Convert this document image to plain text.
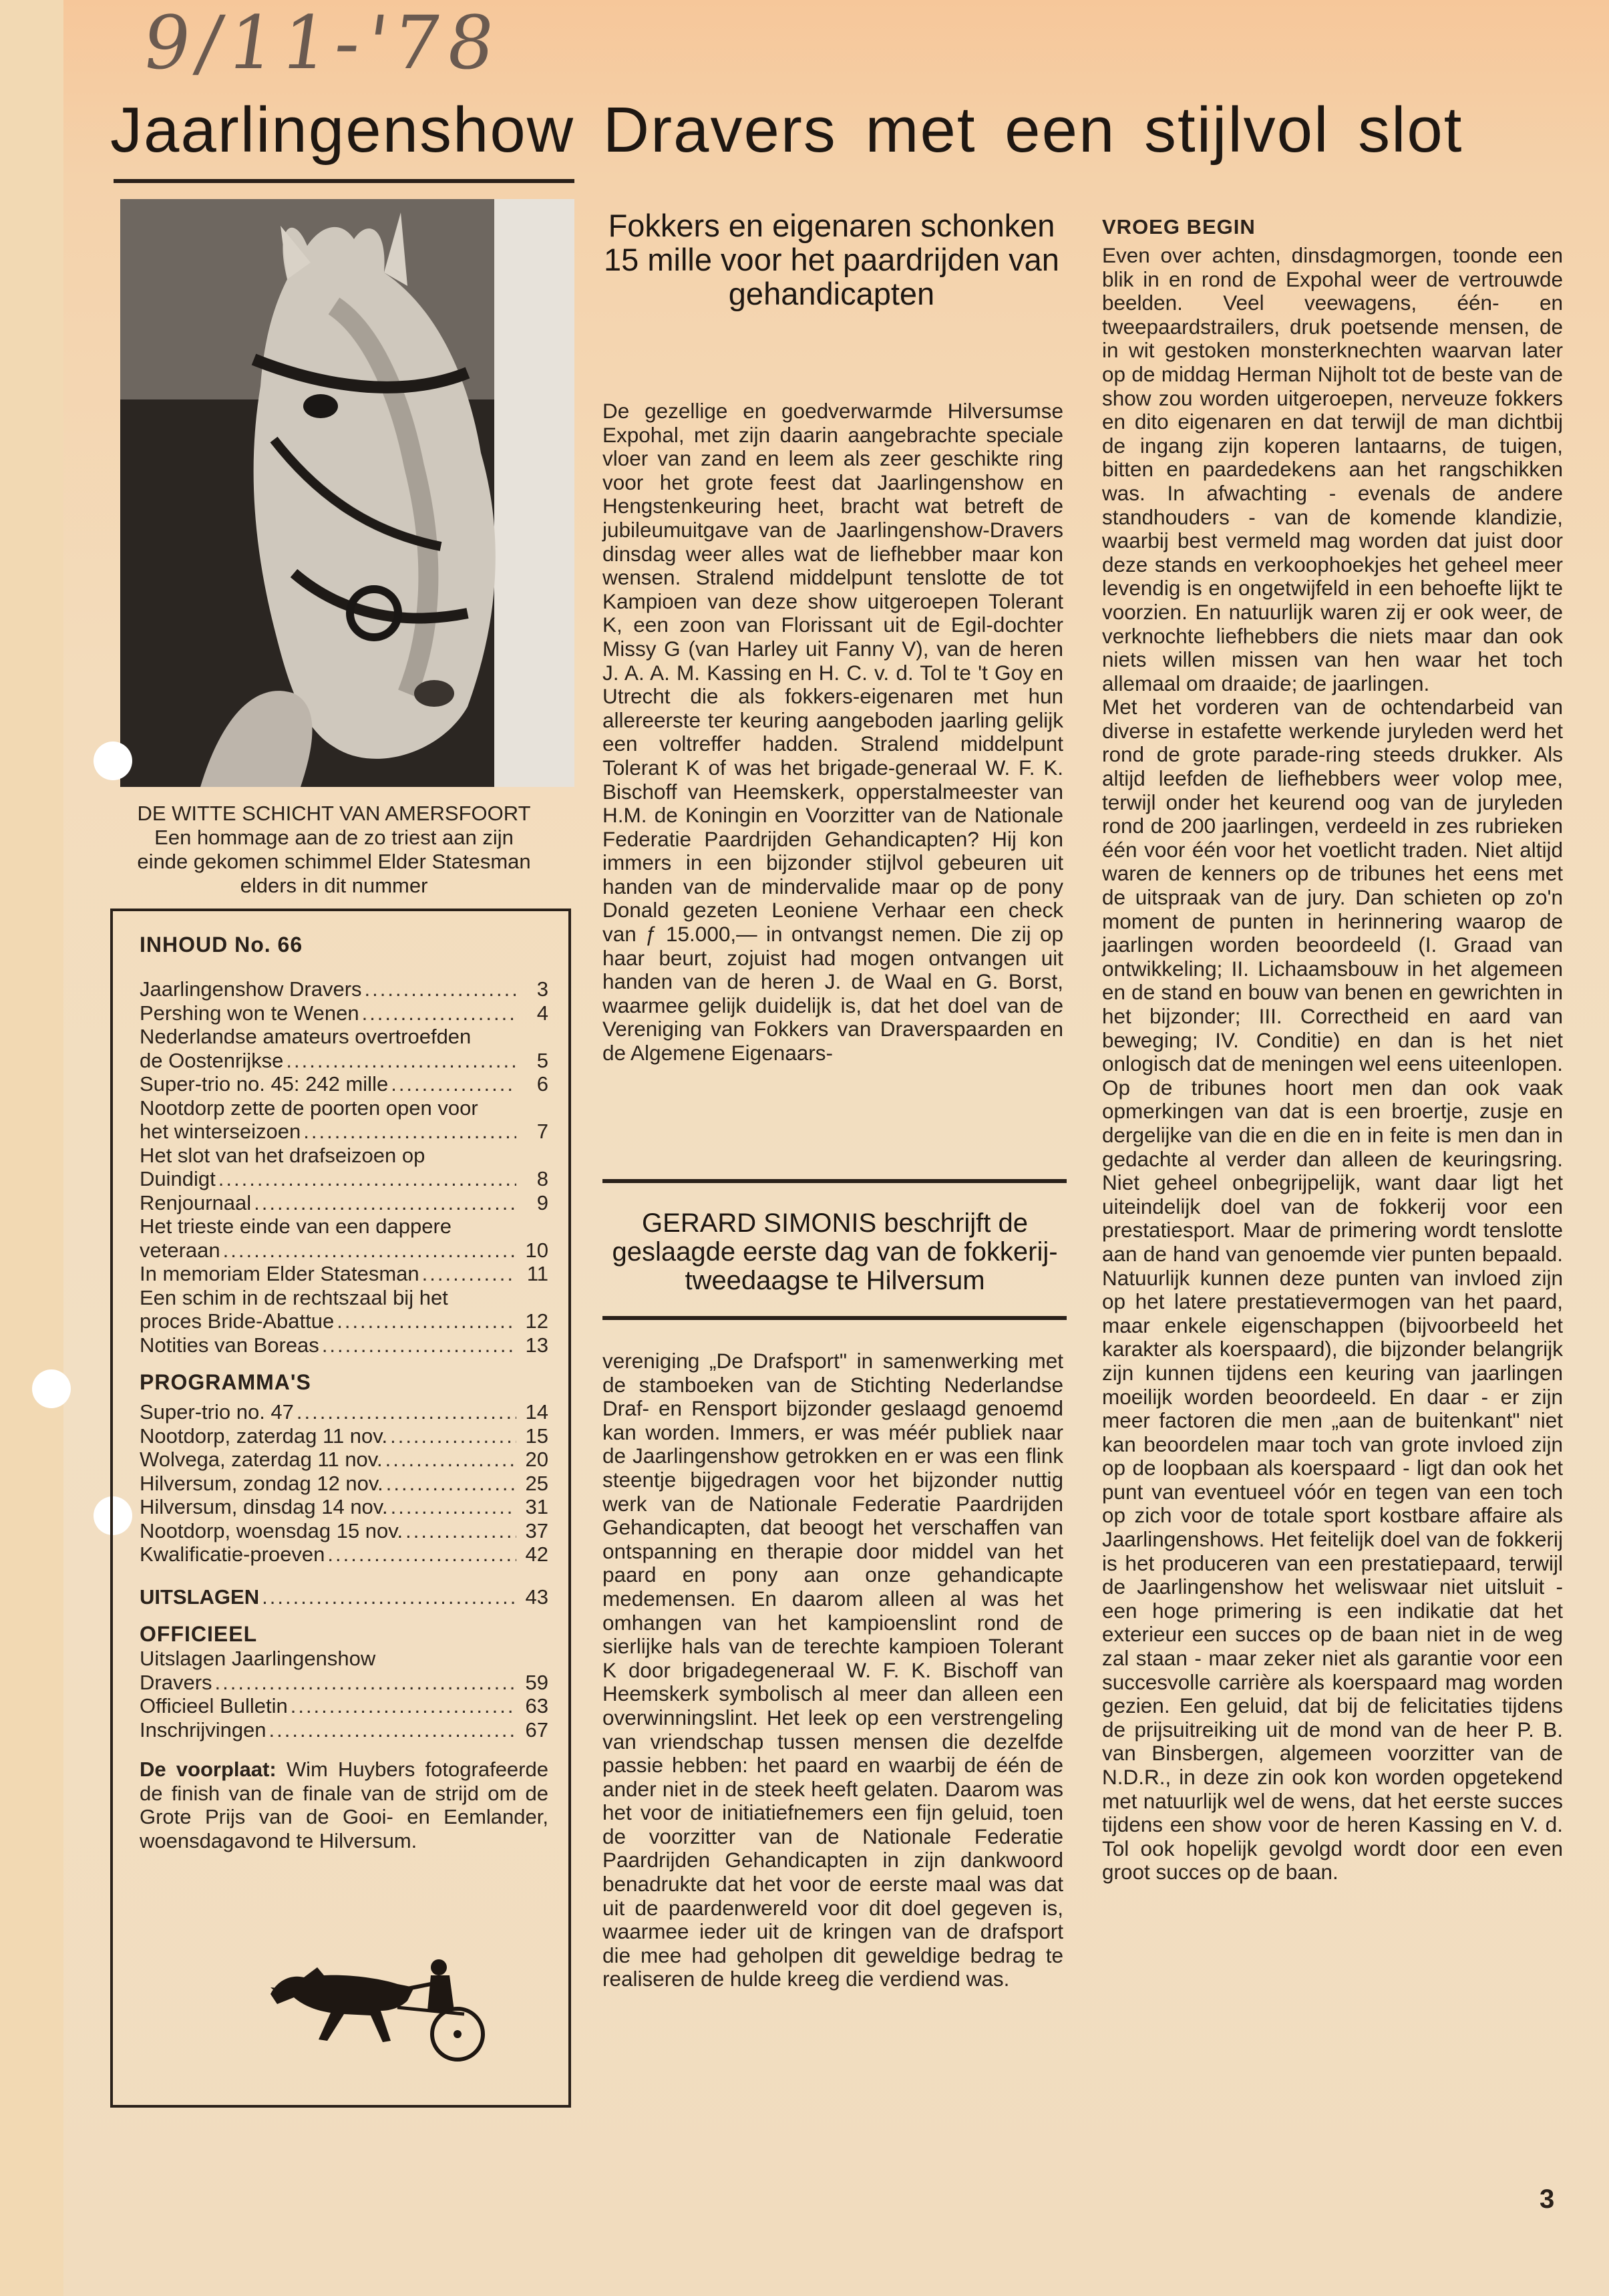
9/11-'78
Jaarlingenshow Dravers met een stijlvol slot
DE WITTE SCHICHT VAN AMERSFOORT
Een hommage aan de zo triest aan zijn
einde gekomen schimmel Elder Statesman
elders in dit nummer
INHOUD No. 66
Jaarlingenshow Dravers .....	3
Pershing won te Wenen .....	4
Nederlandse amateurs overtroefden
de Oostenrijkse .....	5
Super-trio no. 45: 242 mille .....	6
Nootdorp zette de poorten open voor
het winterseizoen .....	7
Het slot van het drafseizoen op
Duindigt .....	8
Renjournaal .....	9
Het trieste einde van een dappere
veteraan .....	10
In memoriam Elder Statesman .....	11
Een schim in de rechtszaal bij het
proces Bride-Abattue .....	12
Notities van Boreas .....	13
PROGRAMMA'S
Super-trio no. 47 .....	14
Nootdorp, zaterdag 11 nov. .....	15
Wolvega, zaterdag 11 nov. .....	20
Hilversum, zondag 12 nov. .....	25
Hilversum, dinsdag 14 nov. .....	31
Nootdorp, woensdag 15 nov. .....	37
Kwalificatie-proeven .....	42
UITSLAGEN .....	43
OFFICIEEL
Uitslagen Jaarlingenshow
Dravers .....	59
Officieel Bulletin .....	63
Inschrijvingen .....	67
De voorplaat: Wim Huybers fotografeerde de finish van de finale van de strijd om de Grote Prijs van de Gooi- en Eemlander, woensdagavond te Hilversum.
Fokkers en eigenaren schonken 15 mille voor het paardrijden van gehandicapten
De gezellige en goedverwarmde Hilversumse Expohal, met zijn daarin aangebrachte speciale vloer van zand en leem als zeer geschikte ring voor het grote feest dat Jaarlingenshow en Hengstenkeuring heet, bracht wat betreft de jubileumuitgave van de Jaarlingenshow-Dravers dinsdag weer alles wat de liefhebber maar kon wensen. Stralend middelpunt tenslotte de tot Kampioen van deze show uitgeroepen Tolerant K, een zoon van Florissant uit de Egil-dochter Missy G (van Harley uit Fanny V), van de heren J. A. A. M. Kassing en H. C. v. d. Tol te 't Goy en Utrecht die als fokkers-eigenaren met hun allereerste ter keuring aangeboden jaarling gelijk een voltreffer hadden. Stralend middelpunt Tolerant K of was het brigade-generaal W. F. K. Bischoff van Heemskerk, opperstalmeester van H.M. de Koningin en Voorzitter van de Nationale Federatie Paardrijden Gehandicapten? Hij kon immers in een bijzonder stijlvol gebeuren uit handen van de mindervalide maar op de pony Donald gezeten Leoniene Verhaar een check van ƒ 15.000,— in ontvangst nemen. Die zij op haar beurt, zojuist had mogen ontvangen uit handen van de heren J. de Waal en G. Borst, waarmee gelijk duidelijk is, dat het doel van de Vereniging van Fokkers van Draverspaarden en de Algemene Eigenaars-
GERARD SIMONIS beschrijft de geslaagde eerste dag van de fokkerij-tweedaagse te Hilversum
vereniging „De Drafsport" in samenwerking met de stamboeken van de Stichting Nederlandse Draf- en Rensport bijzonder geslaagd genoemd kan worden. Immers, er was méér publiek naar de Jaarlingenshow getrokken en er was een flink steentje bijgedragen voor het bijzonder nuttig werk van de Nationale Federatie Paardrijden Gehandicapten, dat beoogt het verschaffen van ontspanning en therapie door middel van het paard en pony aan onze gehandicapte medemensen. En daarom alleen al was het omhangen van het kampioenslint rond de sierlijke hals van de terechte kampioen Tolerant K door brigadegeneraal W. F. K. Bischoff van Heemskerk symbolisch al meer dan alleen een overwinningslint. Het leek op een verstrengeling van vriendschap tussen mensen die dezelfde passie hebben: het paard en waarbij de één de ander niet in de steek heeft gelaten. Daarom was het voor de initiatiefnemers een fijn geluid, toen de voorzitter van de Nationale Federatie Paardrijden Gehandicapten in zijn dankwoord benadrukte dat het voor de eerste maal was dat uit de paardenwereld voor dit doel gegeven is, waarmee ieder uit de kringen van de drafsport die mee had geholpen dit geweldige bedrag te realiseren de hulde kreeg die verdiend was.
VROEG BEGIN

Even over achten, dinsdagmorgen, toonde een blik in en rond de Expohal weer de vertrouwde beelden. Veel veewagens, één- en tweepaardstrailers, druk poetsende mensen, de in wit gestoken monsterknechten waarvan later op de middag Herman Nijholt tot de beste van de show zou worden uitgeroepen, nerveuze fokkers en dito eigenaren en dat terwijl de man dichtbij de ingang zijn koperen lantaarns, de tuigen, bitten en paardedekens aan het rangschikken was. In afwachting - evenals de andere standhouders - van de komende klandizie, waarbij best vermeld mag worden dat juist door deze stands en verkoophoekjes het geheel meer levendig is en ongetwijfeld in een behoefte lijkt te voorzien. En natuurlijk waren zij er ook weer, de verknochte liefhebbers die niets maar dan ook niets willen missen van hen waar het toch allemaal om draaide; de jaarlingen.

Met het vorderen van de ochtendarbeid van diverse in estafette werkende juryleden werd het rond de grote parade-ring steeds drukker. Als altijd leefden de liefhebbers weer volop mee, terwijl onder het keurend oog van de juryleden rond de 200 jaarlingen, verdeeld in zes rubrieken één voor één voor het voetlicht traden. Niet altijd waren de kenners op de tribunes het eens met de uitspraak van de jury. Dan schieten op zo'n moment de punten in herinnering waarop de jaarlingen worden beoordeeld (I. Graad van ontwikkeling; II. Lichaamsbouw in het algemeen en de stand en bouw van benen en gewrichten in het bijzonder; III. Correctheid en aard van beweging; IV. Conditie) en dan is het niet onlogisch dat de meningen wel eens uiteenlopen.

Op de tribunes hoort men dan ook vaak opmerkingen van dat is een broertje, zusje en dergelijke van die en die en in feite is men dan in gedachte al verder dan alleen de keuringsring. Niet geheel onbegrijpelijk, want daar ligt het uiteindelijk doel van de fokkerij voor een prestatiesport. Maar de primering wordt tenslotte aan de hand van genoemde vier punten bepaald. Natuurlijk kunnen deze punten van invloed zijn op het latere prestatievermogen van het paard, maar enkele eigenschappen (bijvoorbeeld het karakter als koerspaard), die bijzonder belangrijk zijn kunnen tijdens een keuring van jaarlingen moeilijk worden beoordeeld. En daar - er zijn meer factoren die men „aan de buitenkant" niet kan beoordelen maar toch van grote invloed zijn op de loopbaan als koerspaard - ligt dan ook het punt van eventueel vóór en tegen van een toch op zich voor de totale sport kostbare affaire als Jaarlingenshows. Het feitelijk doel van de fokkerij is het produceren van een prestatiepaard, terwijl de Jaarlingenshow het weliswaar niet uitsluit - een hoge primering is een indikatie dat het exterieur een succes op de baan niet in de weg zal staan - maar zeker niet als garantie voor een succesvolle carrière als koerspaard mag worden gezien. Een geluid, dat bij de felicitaties tijdens de prijsuitreiking uit de mond van de heer P. B. van Binsbergen, algemeen voorzitter van de N.D.R., in deze zin ook kon worden opgetekend met natuurlijk wel de wens, dat het eerste succes tijdens een show voor de heren Kassing en V. d. Tol ook hopelijk gevolgd wordt door een even groot succes op de baan.

3
